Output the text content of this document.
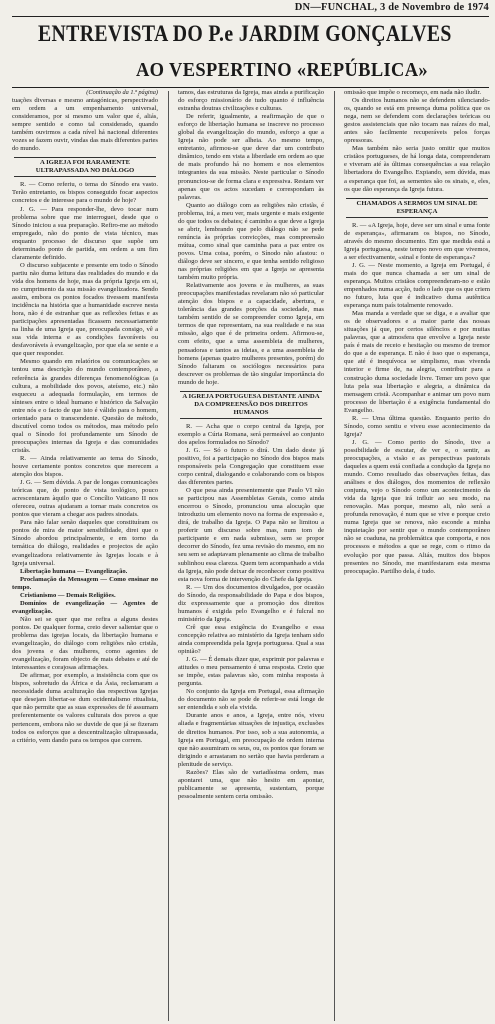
DN—FUNCHAL, 3 de Novembro de 1974
ENTREVISTA DO P.e JARDIM GONÇALVES
AO VESPERTINO «REPÚBLICA»
(Continuação da 1.ª página)

tuações diversas e mesmo antagónicas, perspectivado em ordem a um empenhamento universal, consideramos, por si mesmo um valor que é, aliás, sempre sentido e como tal considerado, quando também ouvirmos a cada nível há nacional diferentes vozes se fazem ouvir, vindas das mais diferentes partes do mundo.

A IGREJA FOI RARAMENTE ULTRAPASSADA NO DIÁLOGO

R. — Como referiu, o tema do Sínodo era vasto. Terão entretanto, os bispos conseguido focar aspectos concretos e de interesse para o mundo de hoje?

J. G. — Para responder-lhe, devo tocar num problema sobre que me interroguei, desde que o Sínodo iniciou a sua preparação. Refiro-me ao método empregado, não do ponto de vista técnico, mas enquanto processo de discurso que supõe um determinado ponto de partida, em ordem a um fim claramente definido.

O discurso subjacente e presente em todo o Sínodo partiu não duma leitura das realidades do mundo e da vida dos homens de hoje, mas da própria Igreja em si, no cumprimento da sua missão evangelizadora. Sendo assim, embora os pontos focados tivessem manifesta incidência na história que a humanidade escreve nesta hora, não é de estranhar que as reflexões feitas e as participações apresentadas ficassem necessariamente na linha de uma Igreja que, preocupada consigo, vê a sua vida interna e as condições favoráveis ou desfavoráveis à evangelização, por que ela se sente e a que quer responder.

Mesmo quando em relatórios ou comunicações se tentou uma descrição do mundo contemporâneo, a referência às grandes diferenças fenomenológicas (a cultura, a mobilidade dos povos, ateísmo, etc.) não esqueceu a adequada formulação, em termos de sínteses entre o ideal humano e histórico da Salvação entre nós e o facto de que isto é válido para o homem, orientado para o transcendente. Questão de método, discutível como todos os métodos, mas método pelo qual o Sínodo foi profundamente um Sínodo de preocupações internas da Igreja e das comunidades cristãs.

R. — Ainda relativamente ao tema do Sínodo, houve certamente pontos concretos que merecem a atenção dos bispos.

J. G. — Sem dúvida. A par de longas comunicações teóricas que, do ponto de vista teológico, pouco acrescentaram àquilo que o Concílio Vaticano II nos ofereceu, outras ajudaram a tornar mais concretos os pontos que vieram a chegar aos padres sinodais.

Para não falar senão daqueles que constituíram os pontos de mira de maior sensibilidade, direi que o Sínodo abordou principalmente, e em torno da temática do diálogo, realidades e projectos de ação evangelizadora relativamente às Igrejas locais e à Igreja universal.

Libertação humana — Evangelização.

Proclamação da Mensagem — Como ensinar no tempo.

Cristianismo — Demais Religiões.

Domínios de evangelização — Agentes de evangelização.

Não sei se quer que me refira a alguns destes pontos. De qualquer forma, creio dever salientar que o problema das igrejas locais, da libertação humana e evangelização, do diálogo com religiões não cristãs, dos jovens e das mulheres, como agentes de evangelização, foram objecto de mais debates e até de interessantes e corajosas afirmações.

De afirmar, por exemplo, a insistência com que os bispos, sobretudo da África e da Ásia, reclamaram a necessidade duma aculturação das respectivas Igrejas que desejam libertar-se dum ocidentalismo ritualista, que não permite que as suas expressões de fé assumam preferentemente os valores culturais dos povos a que pertencem, embora não se duvide de que já se fizeram todos os esforços que a descentralização ultrapassada, a critério, vem dando para os tempos que correm.

tamos, das estruturas da Igreja, mas ainda a purificação do esforço missionário de tudo quanto é influência estranha doutras civilizações e culturas.

De referir, igualmente, a reafirmação de que o esforço de libertação humana se inscreve no processo global da evangelização do mundo, esforço a que a Igreja não pode ser alheia. Ao mesmo tempo, entretanto, afirmou-se que deve dar um contributo dinâmico, tendo em vista a liberdade em ordem ao que de mais profundo há no homem e nos elementos integrantes da sua missão. Neste particular o Sínodo pronunciou-se de forma clara e expressiva. Restam ver apenas que os actos sucedam e correspondam às palavras.

Quanto ao diálogo com as religiões não cristãs, é problema, irá, a meu ver, mais urgente e mais exigente do que todos os debates; é caminho a que deve a Igreja se abrir, lembrando que pelo diálogo não se pede renúncia às próprias convicções, mas compreensão mútua, como sinal que caminha para a paz entre os povos. Uma coisa, porém, o Sínodo não afastou: o diálogo deve ser sincero, e que tenha sentido religioso nas próprias religiões em que a Igreja se apresenta também muito própria.

Relativamente aos jovens e às mulheres, as suas preocupações manifestadas revelaram não só particular atenção dos bispos e a capacidade, abertura, e tolerância das grandes porções da sociedade, mas também sentido de se compreender como Igreja, em termos de que representam, na sua realidade e na sua missão, algo que é de primeira ordem. Afirmou-se, com efeito, que a uma assembleia de mulheres, pensadoras e tantos as ideias, e a uma assembleia de homens (apenas quatro mulheres presentes, porém) do Sínodo faltaram os sociólogos necessários para descrever os problemas de tão singular importância do mundo de hoje.

A IGREJA PORTUGUESA DISTANTE AINDA DA COMPREENSÃO DOS DIREITOS HUMANOS

R. — Acha que o corpo central da Igreja, por exemplo a Cúria Romana, será permeável ao conjunto dos apelos formulados no Sínodo?

J. G. — Só o futuro o dirá. Um dado deste já positivo, foi a participação no Sínodo dos bispos mais responsáveis pela Congregação que constituem esse corpo central, dialogando e colaborando com os bispos das diferentes partes.

O que pesa ainda presentemente que Paulo VI não se participou nas Assembleias Gerais, como ainda encerrou o Sínodo, pronunciou uma alocução que introduziu um elemento novo na forma de expressão e, dirá, de trabalho da Igreja. O Papa não se limitou a proferir um discurso sobre mas, num tom de participante e em nada submisso, sem se propor decorrer do Sínodo, fez uma revisão do mesmo, em no seu sem se adaptavam plenamente ao clima de trabalho sublinhou essa clareza. Quem tem acompanhado a vida da Igreja, não pode deixar de reconhecer como positiva esta nova forma de intervenção do Chefe da Igreja.

R. — Um dos documentos divulgados, por ocasião do Sínodo, da responsabilidade do Papa e dos bispos, diz expressamente que a promoção dos direitos humanos é exigida pelo Evangelho e é fulcral no ministério da Igreja.

Crê que essa exigência do Evangelho e essa concepção relativa ao ministério da Igreja tenham sido ainda compreendida pela Igreja portuguesa. Qual a sua opinião?

J. G. — É demais dizer que, exprimir por palavras e atitudes o meu pensamento é uma resposta. Creio que se impõe, estas palavras são, com minha resposta à pergunta.

No conjunto da Igreja em Portugal, essa afirmação do documento não se pode de referir-se está longe de ser entendida e sob ela vivida.

Durante anos e anos, a Igreja, entre nós, viveu aliada e fragmentárias situações de injustiça, exclusões de direitos humanos. Por isso, sob a sua autonomia, a Igreja em Portugal, em preocupação de ordem interna que não assumiram os seus, ou, os pontos que foram se dirigindo e arrastaram no sertão que havia perderam a plenitude de serviço.

Razões? Elas são de variadíssima ordem, mas apontarei uma, que não hesito em apontar, publicamente se apresenta, sustentam, porque pessoalmente sentem certa omissão.

omissão que impõe o recomeço, em nada não iludir.

Os direitos humanos não se defendem silenciando-os, quando se está em presença duma política que os nega, nem se defendem com declarações teóricas ou gestos assistenciais que não tocam nas raízes do mal, antes são facilmente recuperáveis pelos forças opressoras.

Mas também não seria justo omitir que muitos cristãos portugueses, de há longa data, comprenderam e viveram até às últimas consequências a sua relação libertadora do Evangelho. Expiando, sem dúvida, mas a esperança que foi, as sementes são os sinais, e, eles, os que dão esperança da Igreja futura.

CHAMADOS A SERMOS UM SINAL DE ESPERANÇA

R. — «A Igreja, hoje, deve ser um sinal e uma fonte de esperança», afirmaram os bispos, no Sínodo, através do mesmo documento. Em que medida está a Igreja portuguesa, neste tempo novo em que vivemos, a ser efectivamente, «sinal e fonte de esperança»?

J. G. — Neste momento, a Igreja em Portugal, é mais do que nunca chamada a ser um sinal de esperança. Muitos cristãos compreenderam-no e estão empenhados numa acção, tudo o lado que os que criem no futuro, luta que é indicativo duma autêntica esperança num país totalmente renovado.

Mas manda a verdade que se diga, e a avaliar que os de observadores e a maior parte das nossas situações já que, por certos silêncios e por muitas palavras, que a atmosfera que envolve a Igreja neste país é mais de receio e hesitação ou mesmo de tremor do que a de esperança. E não é isso que o esperança, que até é inequívoca se simplismo, mas vivenda interior e firme de, na alegria, contribuir para a construção duma sociedade livre. Temer um povo que luta pela sua libertação e alegria, a dinâmica da mensagem cristã. Acompanhar e animar um povo num processo de libertação é a exigência fundamental do Evangelho.

R. — Uma última questão. Enquanto perito do Sínodo, como sentiu e viveu esse acontecimento da Igreja?

J. G. — Como perito do Sínodo, tive a possibilidade de escutar, de ver e, o sentir, as preocupações, a visão e as perspectivas pastorais daqueles a quem está confiada a condução da Igreja no mundo. Como resultado das observações feitas, das análises e dos diálogos, dos momentos de reflexão conjunta, vejo o Sínodo como um acontecimento da vida da Igreja que irá influir ao seu modo, na renovação. Mas porque, mesmo ali, não será a profunda renovação, é num que se vive e porque creio numa Igreja que se renova, não esconde a minha inquietação por sentir que o mundo contemporâneo não se coaduna, na problemática que comporta, e nos processos e métodos a que se rege, com o ritmo da evolução por que passa. Aliás, muitos dos bispos presentes no Sínodo, me manifestaram esta mesma preocupação. Partilho dela, é tudo.
